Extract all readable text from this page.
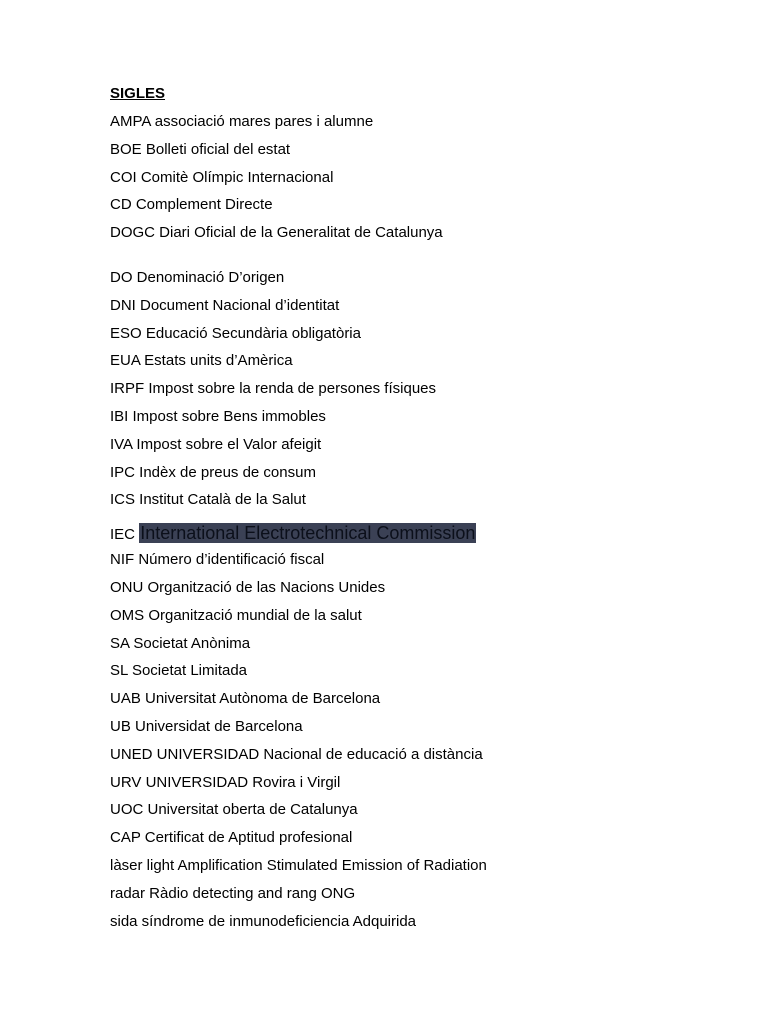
SIGLES
AMPA associació mares pares i alumne
BOE Bolleti oficial del estat
COI Comitè Olímpic Internacional
CD Complement Directe
DOGC Diari Oficial de la Generalitat de Catalunya
DO Denominació D’origen
DNI Document Nacional d’identitat
ESO Educació Secundària obligatòria
EUA Estats units d’Amèrica
IRPF Impost sobre la renda de persones físiques
IBI Impost sobre Bens immobles
IVA Impost sobre el Valor afeigit
IPC Indèx de preus de consum
ICS Institut Català de la Salut
IEC International Electrotechnical Commission
NIF Número d’identificació fiscal
ONU Organització de las Nacions Unides
OMS Organització mundial de la salut
SA Societat Anònima
SL Societat Limitada
UAB Universitat Autònoma de Barcelona
UB Universidat de Barcelona
UNED UNIVERSIDAD Nacional de educació a distància
URV UNIVERSIDAD Rovira i Virgil
UOC Universitat oberta de Catalunya
CAP Certificat de Aptitud profesional
làser light Amplification Stimulated Emission of Radiation
radar Ràdio detecting and rang ONG
sida síndrome de inmunodeficiencia Adquirida
